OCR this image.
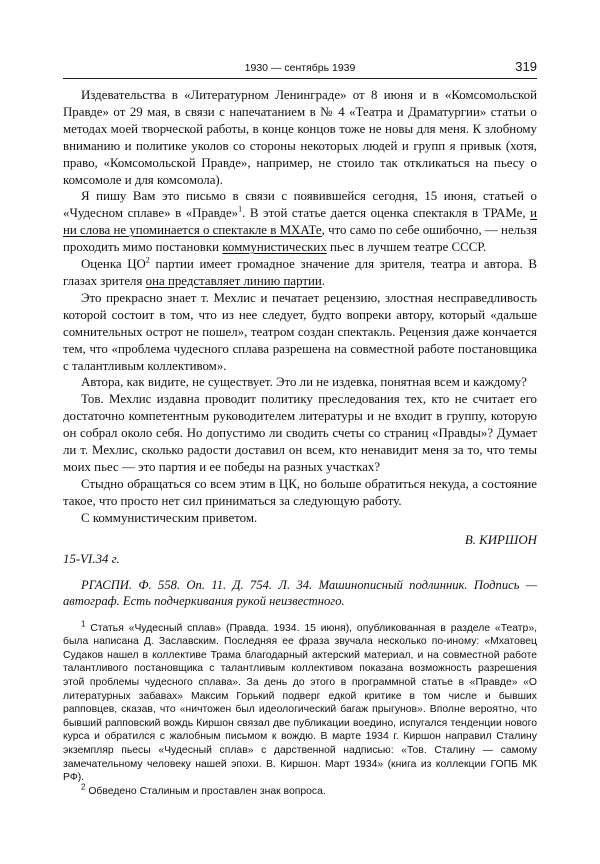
1930 — сентябрь 1939	319

Издевательства в «Литературном Ленинграде» от 8 июня и в «Комсомольской Правде» от 29 мая, в связи с напечатанием в № 4 «Театра и Драматургии» статьи о методах моей творческой работы, в конце концов тоже не новы для меня. К злобному вниманию и политике уколов со стороны некоторых людей и групп я привык (хотя, право, «Комсомольской Правде», например, не стоило так откликаться на пьесу о комсомоле и для комсомола).

Я пишу Вам это письмо в связи с появившейся сегодня, 15 июня, статьей о «Чудесном сплаве» в «Правде»$^1$. В этой статье дается оценка спектакля в ТРАМе, и ни слова не упоминается о спектакле в МХАТе, что само по себе ошибочно, — нельзя проходить мимо постановки коммунистических пьес в лучшем театре СССР.

Оценка $ЦО^2$ партии имеет громадное значение для зрителя, театра и автора. В глазах зрителя она представляет линию партии.

Это прекрасно знает т. Мехлис и печатает рецензию, злостная несправедливость которой состоит в том, что из нее следует, будто вопреки автору, который «дальше сомнительных острот не пошел», театром создан спектакль. Рецензия даже кончается тем, что «проблема чудесного сплава разрешена на совместной работе постановщика с талантливым коллективом».

Автора, как видите, не существует. Это ли не издевка, понятная всем и каждому?

Тов. Мехлис издавна проводит политику преследования тех, кто не считает его достаточно компетентным руководителем литературы и не входит в группу, которую он собрал около себя. Но допустимо ли сводить счеты со страниц «Правды»? Думает ли т. Мехлис, сколько радости доставил он всем, кто ненавидит меня за то, что темы моих пьес — это партия и ее победы на разных участках?

Стыдно обращаться со всем этим в ЦК, но больше обратиться некуда, а состояние такое, что просто нет сил приниматься за следующую работу.

С коммунистическим приветом.

В. КИРШОН
15-VI.34 г.
РГАСПИ. Ф. 558. Оп. 11. Д. 754. Л. 34. Машинописный подлинник. Подпись — автограф. Есть подчеркивания рукой неизвестного.

$^1$ Статья «Чудесный сплав» (Правда. 1934. 15 июня), опубликованная в разделе «Театр», была написана Д. Заславским. Последняя ее фраза звучала несколько по-иному: «Мхатовец Судаков нашел в коллективе Трама благодарный актерский материал, и на совместной работе талантливого постановщика с талантливым коллективом показана возможность разрешения этой проблемы чудесного сплава». За день до этого в программной статье в «Правде» «О литературных забавах» Максим Горький подверг едкой критике в том числе и бывших рапповцев, сказав, что «ничтожен был идеологический багаж прыгунов». Вполне вероятно, что бывший рапповский вождь Киршон связал две публикации воедино, испугался тенденции нового курса и обратился с жалобным письмом к вождю. В марте 1934 г. Киршон направил Сталину экземпляр пьесы «Чудесный сплав» с дарственной надписью: «Тов. Сталину — самому замечательному человеку нашей эпохи. В. Киршон. Март 1934» (книга из коллекции ГОПБ МК РФ).

$^2$ Обведено Сталиным и проставлен знак вопроса.
